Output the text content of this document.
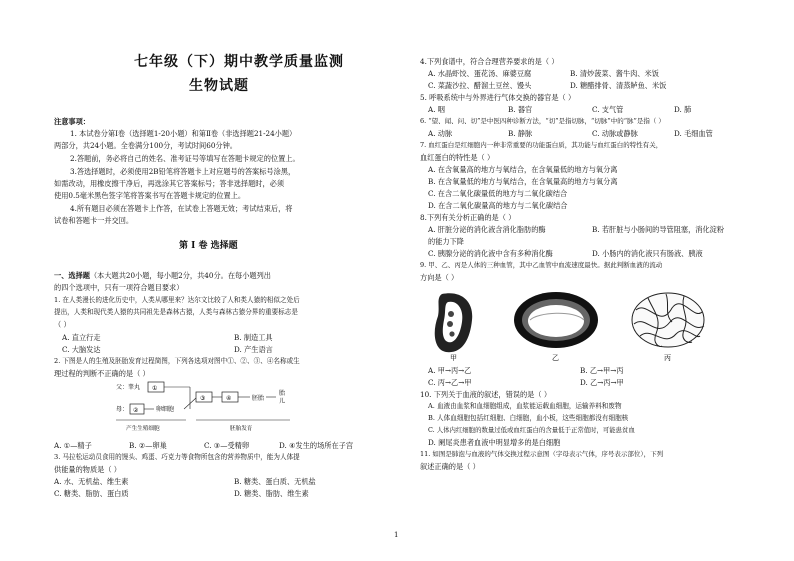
七年级（下）期中教学质量监测
生物试题
注意事项：
1. 本试卷分第Ⅰ卷（选择题1-20小题）和第Ⅱ卷（非选择题21-24小题）
两部分，共24小题。全卷满分100分，考试时间60分钟。
2.答题前，务必将自己的姓名、准考证号等填写在答题卡规定的位置上。
3.答选择题时，必须使用2B铅笔将答题卡上对应题号的答案标号涂黑，
如需改动，用橡皮擦干净后，再选涂其它答案标号；答非选择题时，必须
使用0.5毫米黑色签字笔将答案书写在答题卡规定的位置上。
4.所有题目必须在答题卡上作答，在试卷上答题无效；考试结束后，将
试卷和答题卡一并交回。
第 Ⅰ 卷 选择题
一、选择题（本大题共20小题，每小题2分，共40分。在每小题列出
的四个选项中，只有一项符合题目要求）
1. 在人类漫长的进化历史中，人类从哪里来？达尔文比较了人和类人猿的相似之处后
提出，人类和现代类人猿的共同祖先是森林古猿，人类与森林古猿分界的重要标志是
（ ）
A. 直立行走	B. 制造工具
C. 大脑发达	D. 产生语言
2. 下图是人的生殖及胚胎发育过程简图，下列各选项对图中①、②、③、④名称或生
理过程的判断不正确的是（ ）
父：睾丸 ①
母： ②	卵细胞
③	④	胚胎
胎
儿
产生生殖细胞	胚胎发育
A. ①—精子	B. ②—卵巢	C. ③—受精卵	D. ④发生的场所在子宫
3. 马拉松运动员食用的馒头、鸡蛋、巧克力等食物所包含的营养物质中，能为人体提
供能量的物质是（ ）
A. 水、无机盐、维生素	B. 糖类、蛋白质、无机盐
C. 糖类、脂肪、蛋白质	D. 糖类、脂肪、维生素
4.下列食谱中，符合合理营养要求的是（ ）
A. 水晶虾饺、蛋花汤、麻婆豆腐	B. 清炒菠菜、酱牛肉、米饭
C. 菜蔬沙拉、醋溜土豆丝、馒头	D. 糖醋排骨、清蒸鲈鱼、米饭
5. 呼吸系统中与外界进行气体交换的器官是（ ）
A. 咽	B. 器官	C. 支气管	D. 肺
6. “望、闻、问、切”是中医四种诊断方法，“切”是指切脉，“切脉”中的“脉”是指（ ）
A. 动脉	B. 静脉	C. 动脉或静脉	D. 毛细血管
7. 血红蛋白是红细胞内一种非常重要的功能蛋白质，其功能与血红蛋白的特性有关，
血红蛋白的特性是（ ）
A. 在含氧量高的地方与氧结合，在含氧量低的地方与氧分离
B. 在含氧量低的地方与氧结合，在含氧量高的地方与氧分离
C. 在含二氧化碳量低的地方与二氧化碳结合
D. 在含二氧化碳量高的地方与二氧化碳结合
8.下列有关分析正确的是（ ）
A. 肝脏分泌的消化液含消化脂肪的酶	B. 若肝脏与小肠间的导管阻塞，消化淀粉
的能力下降
C. 胰腺分泌的消化液中含有多种消化酶	D. 小肠内的消化液只有肠液、胰液
9. 甲、乙、丙是人体的三种血管，其中乙血管中血流速度最快。据此判断血液的流动
方向是（ ）
甲	乙	丙
A. 甲→丙→乙	B. 乙→甲→丙
C. 丙→乙→甲	D. 乙→丙→甲
10. 下列关于血液的叙述，错误的是（ ）
A. 血液由血浆和血细胞组成，血浆能运载血细胞，运输养料和废物
B. 人体血细胞包括红细胞、白细胞，血小板，这些细胞都没有细胞核
C. 人体内红细胞的数量过低或血红蛋白的含量低于正常值时，可能患贫血
D. 阑尾炎患者血液中明显增多的是白细胞
11. 如图是肺泡与血液的气体交换过程示意图（字母表示气体，序号表示部位），下列
叙述正确的是（ ）
1
